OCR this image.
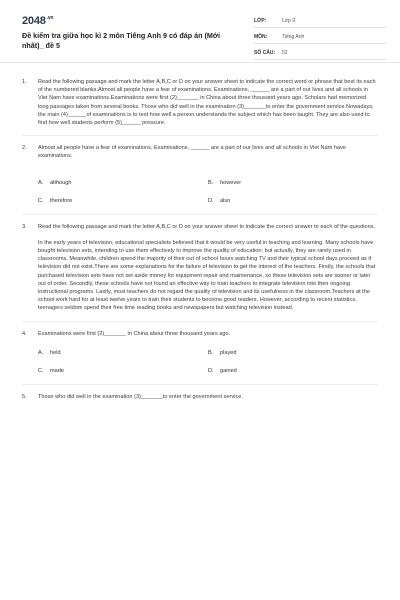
$2048^{.vn}$
Đề kiểm tra giữa học kì 2 môn Tiếng Anh 9 có đáp án (Mới nhất)_ đề 5
LỚP:	Lớp 9
MÔN:	Tiếng Anh
SỐ CÂU:	52
1.	Read the following passage and mark the letter A,B,C or D on your answer sheet to indicate the correct word or phrase that best its each of the numbered blanks.Almost all people have a fear of examinations. Examinations, ______ are a part of our lives and all schools in Viet Nam have examinations.Examinations were first (2)_______ in China about three thousand years ago. Scholars had memorized long passages taken from several books. Those who did well in the examination (3)_______to enter the government service.Nowadays, the main (4)______of examinations is to test how well a person understands the subject which has been taught. They are also used to find how well students perform (5)______ pressure.
2.	Almost all people have a fear of examinations. Examinations, ______ are a part of our lives and all schools in Viet Nam have examinations.
A.	although	B.	however
C.	therefore	D.	also
3.	Read the following passage and mark the letter A,B,C or D on your answer sheet to indicate the correct answer to each of the questions.
In the early years of television, educational specialists believed that it would be very useful in teaching and learning. Many schools have bought television sets, intending to use them effectively to improve the quality of education; but actually, they are rarely used in classrooms. Meanwhile, children spend the majority of their out of school hours watching TV and their typical school days proceed as if television did not exist.There are some explanations for the failure of television to get the interest of the teachers. Firstly, the schools that purchased television sets have not set aside money for equipment repair and maintenance, so these television sets are sooner or later out of order. Secondly, these schools have not found an effective way to train teachers to integrate television into their ongoing instructional programs. Lastly, most teachers do not regard the quality of television and its usefulness in the classroom.Teachers at the school work hard for at least twelve years to train their students to become good readers. However, according to recent statistics, teenagers seldom spend their free time reading books and newspapers but watching television instead.
4.	Examinations were first (2)_______ in China about three thousand years ago.
A.	held	B.	played
C.	made	D.	gained
5.	Those who did well in the examination (3)_______to enter the government service.
